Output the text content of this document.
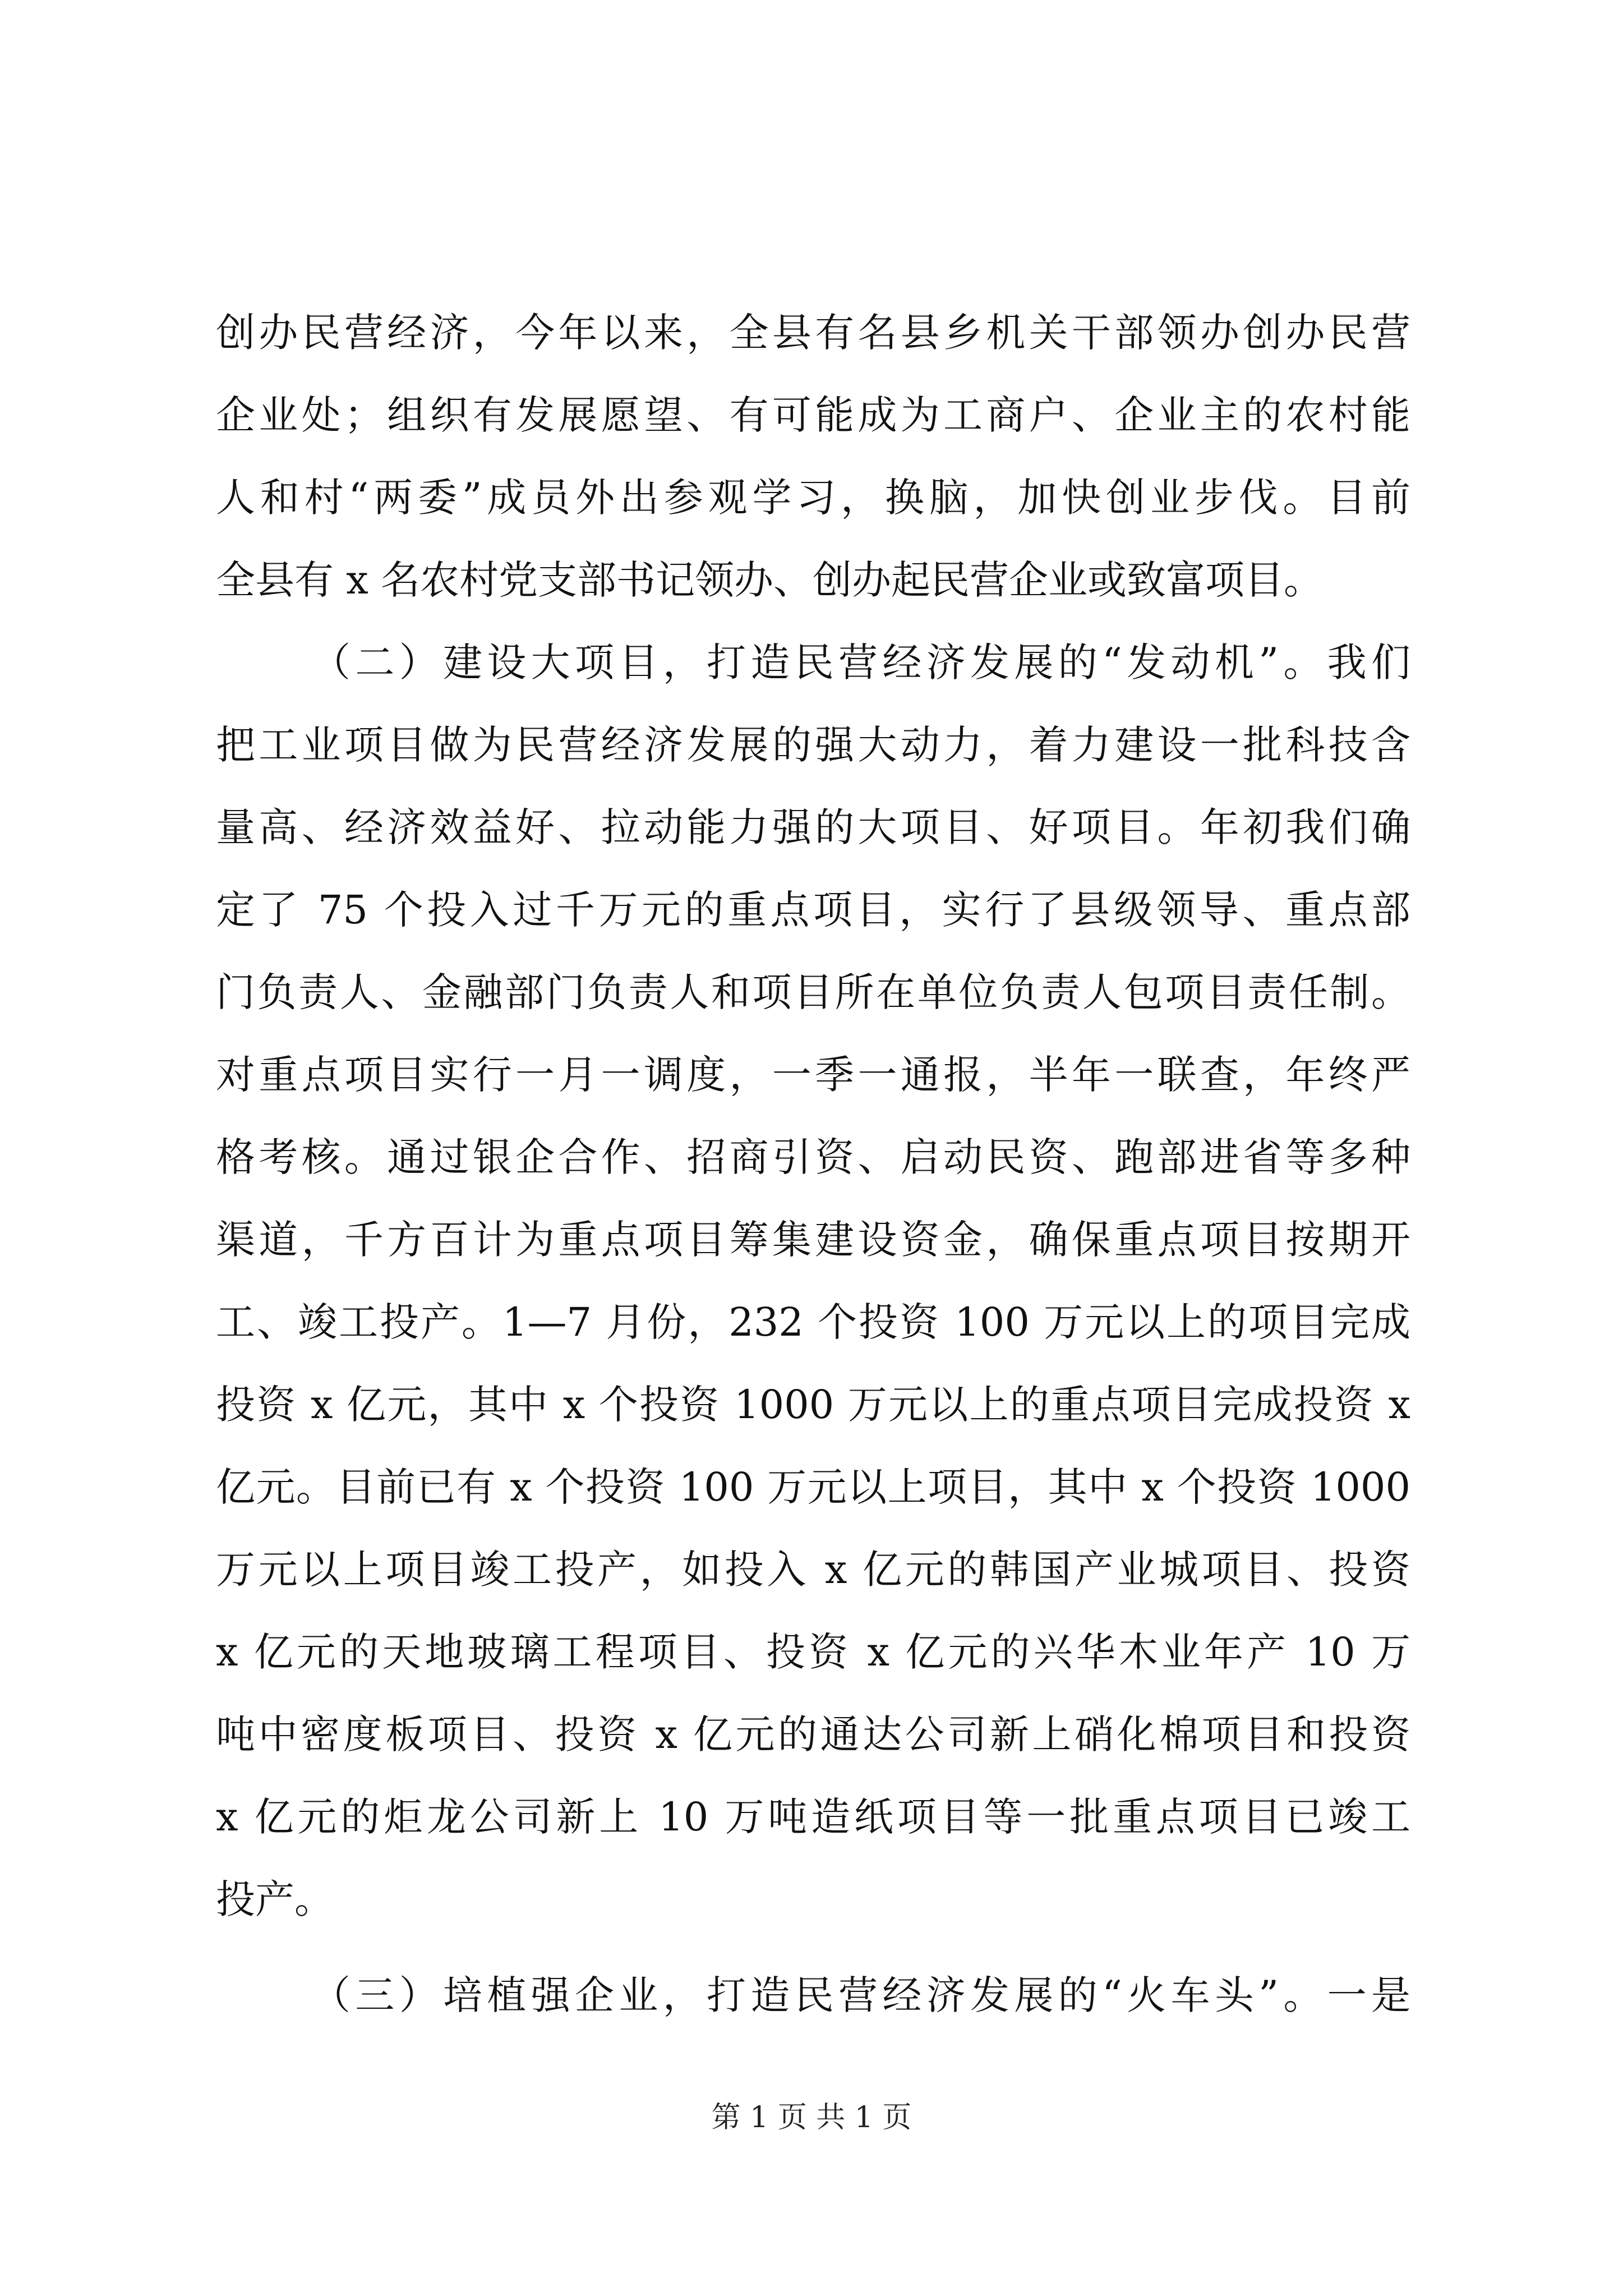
创办民营经济，今年以来，全县有名县乡机关干部领办创办民营
企业处；组织有发展愿望、有可能成为工商户、企业主的农村能
人和村“两委”成员外出参观学习，换脑，加快创业步伐。目前
全县有 x 名农村党支部书记领办、创办起民营企业或致富项目。
（二）建设大项目，打造民营经济发展的“发动机”。我们
把工业项目做为民营经济发展的强大动力，着力建设一批科技含
量高、经济效益好、拉动能力强的大项目、好项目。年初我们确
定了 75 个投入过千万元的重点项目，实行了县级领导、重点部
门负责人、金融部门负责人和项目所在单位负责人包项目责任制。
对重点项目实行一月一调度，一季一通报，半年一联查，年终严
格考核。通过银企合作、招商引资、启动民资、跑部进省等多种
渠道，千方百计为重点项目筹集建设资金，确保重点项目按期开
工、竣工投产。1—7 月份，232 个投资 100 万元以上的项目完成
投资 x 亿元，其中 x 个投资 1000 万元以上的重点项目完成投资 x
亿元。目前已有 x 个投资 100 万元以上项目，其中 x 个投资 1000
万元以上项目竣工投产，如投入 x 亿元的韩国产业城项目、投资
x 亿元的天地玻璃工程项目、投资 x 亿元的兴华木业年产 10 万
吨中密度板项目、投资 x 亿元的通达公司新上硝化棉项目和投资
x 亿元的炬龙公司新上 10 万吨造纸项目等一批重点项目已竣工
投产。
（三）培植强企业，打造民营经济发展的“火车头”。一是
第 1 页 共 1 页
